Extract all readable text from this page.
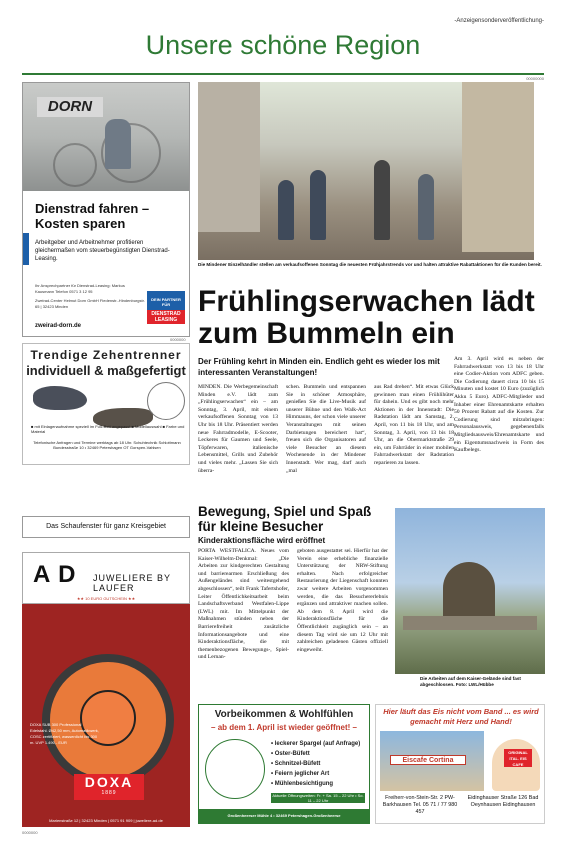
-Anzeigensonderveröffentlichung-
Unsere schöne Region
00000000
DORN
Dienstrad fahren – Kosten sparen
Arbeitgeber und Arbeitnehmer profitieren gleichermaßen vom steuerbegünstigten Dienstrad-Leasing.
Ihr Ansprechpartner für Dienstrad-Leasing: Markus Kausmann Telefon 0571 3 12 95
Zweirad-Center Helmut Dorn GmbH Fiedenstr.-Hindenburgstr. 65 | 32423 Minden
DEIN PARTNER FÜR
DIENSTRAD LEASING
zweirad-dorn.de
0000000
Trendige Zehentrenner
individuell & maßgefertigt
■ mit Einlagenaufnahme speziell im Fuß-Bett angepasst ■ Modellauswahl ■ Farbe und Material
Telefonische Anfragen und Termine werktags ab 18 Uhr. Schuhtechnik Schlottmann Bundesstraße 10 • 32469 Petershagen OT Gorspen-Vahlsen
Das Schaufenster für ganz Kreisgebiet
A D JUWELIERE BY LAUFER
★★ 10 EURO GUTSCHEIN ★★
DOXA SUB 300 Professional Edelstahl. Ø42,50 mm, Automatikwerk, COSC zertifiziert, wasserdicht bis 300 m. UVP 1.490,- EUR
DOXA
1889
Marienstraße 12 | 32423 Minden | 0571 91 909 | juweliere-ad.de
Die Mindener Einzelhändler stellen am verkaufsoffenen Sonntag die neuesten Frühjahrstrends vor und halten attraktive Rabattaktionen für die Kunden bereit.
Frühlingserwachen lädt zum Bummeln ein
Der Frühling kehrt in Minden ein. Endlich geht es wieder los mit interessanten Veranstaltungen!
MINDEN. Die Werbegemeinschaft Minden e.V. lädt zum „Frühlingserwachen“ ein – am Sonntag, 3. April, mit einem verkaufsoffenen Sonntag von 13 Uhr bis 18 Uhr. Präsentiert werden neue Fahrradmodelle, E-Scooter, Leckeres für Gaumen und Seele, Töpferwaren, italienische Lebensmittel, Grills und Zubehör und vieles mehr. „Lassen Sie sich überra-
schen. Bummeln und entspannen Sie in schöner Atmosphäre, genießen Sie die Live-Musik auf unserer Bühne und den Walk-Act Himmauns, der schon viele unserer Veranstaltungen mit seinen Darbietungen bereichert hat“, freuen sich die Organisatoren auf viele Besucher an diesem Wochenende in der Mindener Innenstadt. Wer mag, darf auch „mal
aus Rad drehen“. Mit etwas Glück gewinnen man einen Frühlihüter für dahein. Und es gibt noch mehr Aktionen in der Innenstadt: Die Radstation lädt am Samstag, 2. April, von 11 bis 18 Uhr, und am Sonntag, 3. April, von 13 bis 18 Uhr, an die Obermarktstraße 29 ein, um Fahrräder in einer mobilen Fahrradwerkstatt der Radstation reparieren zu lassen.
Am 3. April wird es neben der Fahrradwerkstatt von 13 bis 18 Uhr eine Codier-Aktion vom ADFC geben. Die Codierung dauert circa 10 bis 15 Minuten und kostet 10 Euro (zuzüglich Akku 5 Euro). ADFC-Mitglieder und Inhaber einer Ehrenamtskarte erhalten 50 Prozent Rabatt auf die Kosten. Zur Codierung sind mitzubringen: Personalausweis, gegebenenfalls Mitgliedsausweis/Ehrenamtskarte und ein Eigentumsnachweis in Form des Kaufbelegs.
Bewegung, Spiel und Spaß für kleine Besucher
Kinderaktionsfläche wird eröffnet
PORTA WESTFALICA. Neues vom Kaiser-Wilhelm-Denkmal: „Die Arbeiten zur kindgerechten Gestaltung und barrierearmen Erschließung des Außengeländes sind weitestgehend abgeschlossen“, teilt Frank Tafertshofer, Leiter Öffentlichkeitsarbeit beim Landschaftsverband Westfalen-Lippe (LWL) mit. Im Mittelpunkt der Maßnahmen stünden neben der Barrierefreiheit zusätzliche Informationsangebote und eine Kinderaktionsfläche, die mit themenbezogenen Bewegungs-, Spiel- und Lernan-
geboten ausgestattet sei. Hierfür hat der Verein eine erhebliche finanzielle Unterstützung der NRW-Stiftung erhalten. Nach erfolgreicher Restaurierung der Liegenschaft konnten zwar weitere Arbeiten vorgenommen werden, die das Besuchererlebnis ergänzen und attraktiver machen sollen. Ab dem 8. April wird die Kinderaktionsfläche für die Öffentlichkeit zugänglich sein – an diesem Tag wird sie um 12 Uhr mit zahlreichen geladenen Gästen offiziell eingeweiht.
Die Arbeiten auf dem Kaiser-Gelände sind fast abgeschlossen. Foto: LWL/Hübbe
Vorbeikommen & Wohlfühlen
– ab dem 1. April ist wieder geöffnet! –
• leckerer Spargel (auf Anfrage)
• Oster-Büfett
• Schnitzel-Büfett
• Feiern jeglicher Art
• Mühlenbesichtigung
Aktuelle Öffnungszeiten: Fr. + Sa. 15 – 22 Uhr • So. 11 – 22 Uhr
Großenheerser Mühle 4 • 32469 Petershagen-Großenheerse
Hier läuft das Eis nicht vom Band ... es wird gemacht mit Herz und Hand!
Eiscafe Cortina
ORIGINAL ITAL. EIS CAFE
Freiherr-von-Stein-Str. 2 PW-Barkhausen Tel. 05 71 / 77 980 457
Eidinghauser Straße 126 Bad Oeynhausen Eidinghausen
0000000
